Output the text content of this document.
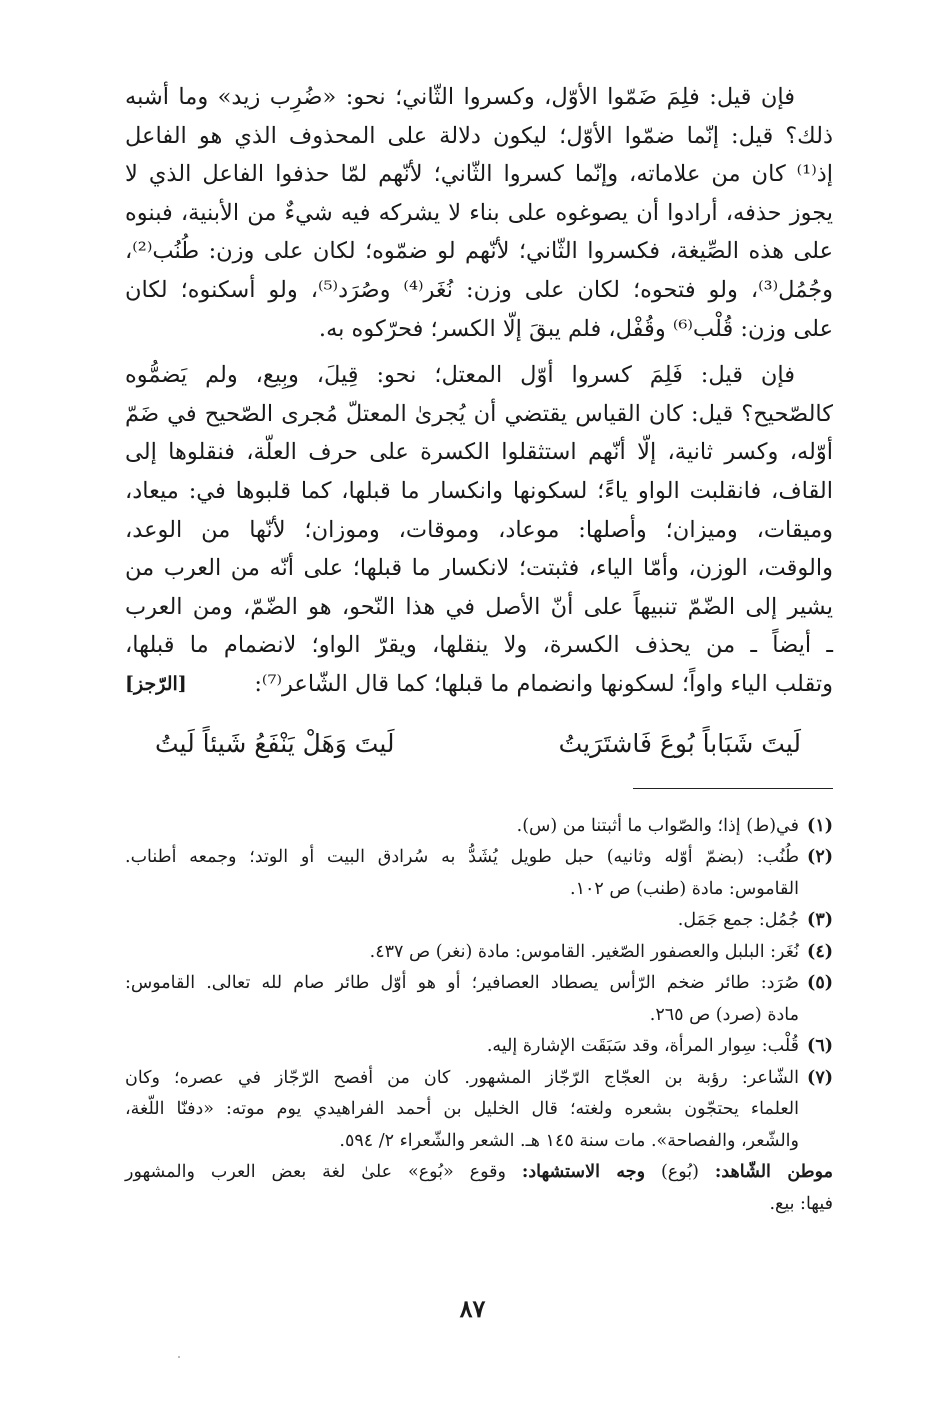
فإن قيل: فلِمَ ضَمّوا الأوّل، وكسروا الثّاني؛ نحو: «ضُرِب زيد» وما أشبه
ذلك؟ قيل: إنّما ضمّوا الأوّل؛ ليكون دلالة على المحذوف الذي هو الفاعل
إذ⁽¹⁾ كان من علاماته، وإنّما كسروا الثّاني؛ لأنّهم لمّا حذفوا الفاعل الذي لا
يجوز حذفه، أرادوا أن يصوغوه على بناء لا يشركه فيه شيءٌ من الأبنية، فبنوه
على هذه الصِّيغة، فكسروا الثّاني؛ لأنّهم لو ضمّوه؛ لكان على وزن: طُنُب⁽²⁾،
وجُمُل⁽³⁾، ولو فتحوه؛ لكان على وزن: نُغَر⁽⁴⁾ وصُرَد⁽⁵⁾، ولو أسكنوه؛ لكان
على وزن: قُلْب⁽⁶⁾ وقُفْل، فلم يبقَ إلّا الكسر؛ فحرّكوه به.
فإن قيل: فَلِمَ كسروا أوّل المعتل؛ نحو: قِيلَ، وبِيع، ولم يَضمُّوه
كالصّحيح؟ قيل: كان القياس يقتضي أن يُجرىٰ المعتلّ مُجرى الصّحيح في ضَمّ
أوّله، وكسر ثانية، إلّا أنّهم استثقلوا الكسرة على حرف العلّة، فنقلوها إلى
القاف، فانقلبت الواو ياءً؛ لسكونها وانكسار ما قبلها، كما قلبوها في: ميعاد،
وميقات، وميزان؛ وأصلها: موعاد، وموقات، وموزان؛ لأنّها من الوعد،
والوقت، الوزن، وأمّا الياء، فثبتت؛ لانكسار ما قبلها؛ على أنّه من العرب من
يشير إلى الضّمّ تنبيهاً على أنّ الأصل في هذا النّحو، هو الضّمّ، ومن العرب
ـ أيضاً ـ من يحذف الكسرة، ولا ينقلها، ويقرّ الواو؛ لانضمام ما قبلها،
وتقلب الياء واواً؛ لسكونها وانضمام ما قبلها؛ كما قال الشّاعر⁽⁷⁾:
[الرّجز]
لَيتَ شَبَاباً بُوعَ فَاشتَرَيتُ
لَيتَ وَهَلْ يَنْفَعُ شَيئاً لَيتُ
(١)
في(ط) إذا؛ والصّواب ما أثبتنا من (س).
(٢)
طُنُب: (بضمّ أوّله وثانيه) حبل طويل يُشَدُّ به سُرادق البيت أو الوتد؛ وجمعه أطناب.
القاموس: مادة (طنب) ص ١٠٢.
(٣)
جُمُل: جمع جَمَل.
(٤)
نُغَر: البلبل والعصفور الصّغير. القاموس: مادة (نغر) ص ٤٣٧.
(٥)
صُرَد: طائر ضخم الرّأس يصطاد العصافير؛ أو هو أوّل طائر صام لله تعالى. القاموس:
مادة (صرد) ص ٢٦٥.
(٦)
قُلْب: سِوار المرأة، وقد سَبَقَت الإشارة إليه.
(٧)
الشّاعر: رؤبة بن العجّاج الرّجّاز المشهور. كان من أفصح الرّجّاز في عصره؛ وكان
العلماء يحتجّون بشعره ولغته؛ قال الخليل بن أحمد الفراهيدي يوم موته: «دفنّا اللّغة،
والشّعر، والفصاحة». مات سنة ١٤٥ هـ. الشعر والشّعراء ٢/ ٥٩٤.
موطن الشّاهد: (بُوع) وجه الاستشهاد: وقوع «بُوع» علىٰ لغة بعض العرب والمشهور
فيها: بيع.
٨٧
